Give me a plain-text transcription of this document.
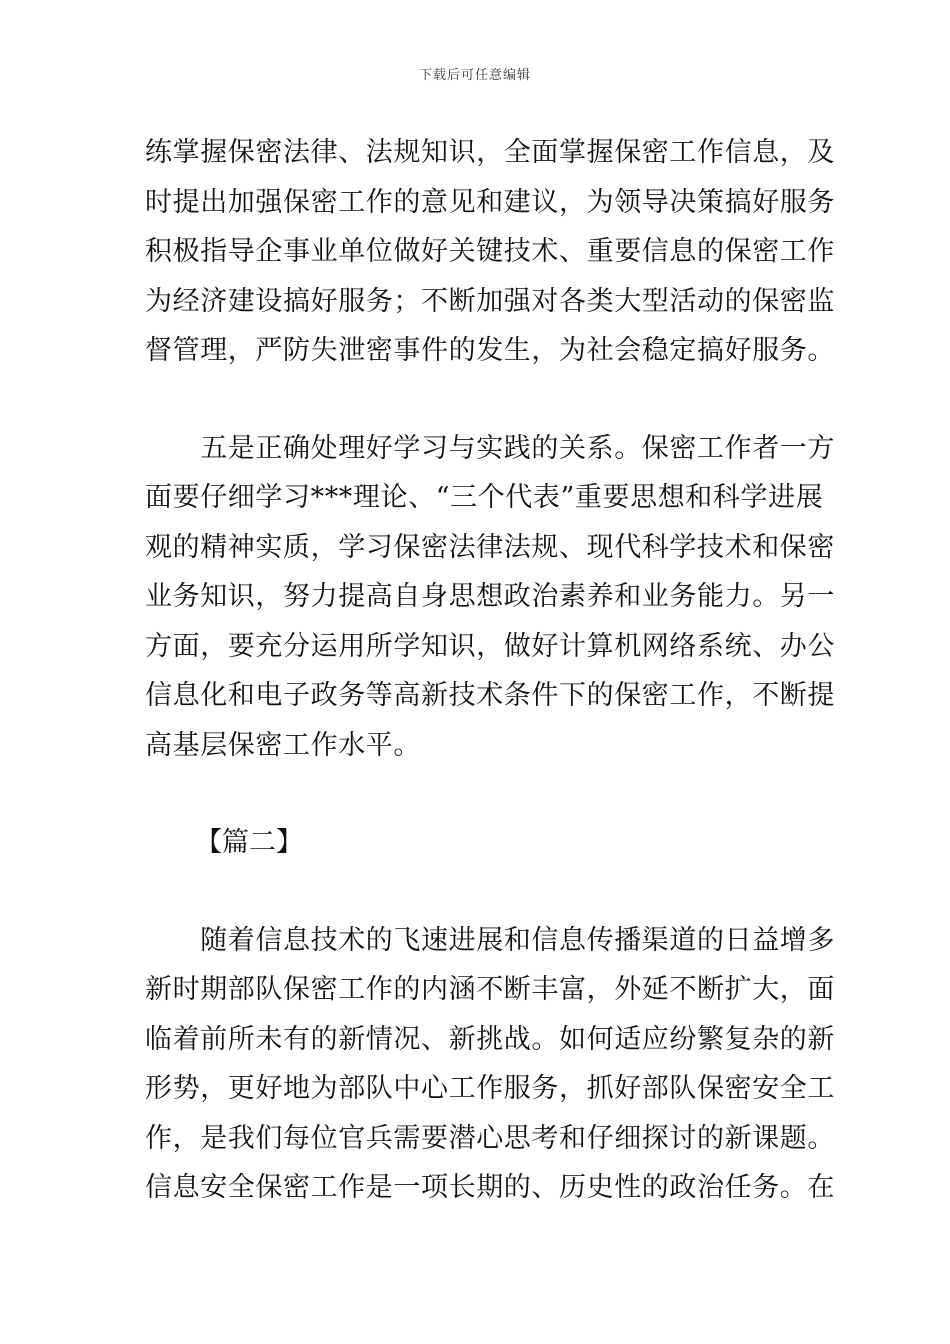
下载后可任意编辑
练掌握保密法律、法规知识，全面掌握保密工作信息，及
时提出加强保密工作的意见和建议，为领导决策搞好服务
积极指导企事业单位做好关键技术、重要信息的保密工作
为经济建设搞好服务；不断加强对各类大型活动的保密监
督管理，严防失泄密事件的发生，为社会稳定搞好服务。
　　五是正确处理好学习与实践的关系。保密工作者一方
面要仔细学习***理论、“三个代表”重要思想和科学进展
观的精神实质，学习保密法律法规、现代科学技术和保密
业务知识，努力提高自身思想政治素养和业务能力。另一
方面，要充分运用所学知识，做好计算机网络系统、办公
信息化和电子政务等高新技术条件下的保密工作，不断提
高基层保密工作水平。
【篇二】
　　随着信息技术的飞速进展和信息传播渠道的日益增多
新时期部队保密工作的内涵不断丰富，外延不断扩大，面
临着前所未有的新情况、新挑战。如何适应纷繁复杂的新
形势，更好地为部队中心工作服务，抓好部队保密安全工
作，是我们每位官兵需要潜心思考和仔细探讨的新课题。
信息安全保密工作是一项长期的、历史性的政治任务。在
